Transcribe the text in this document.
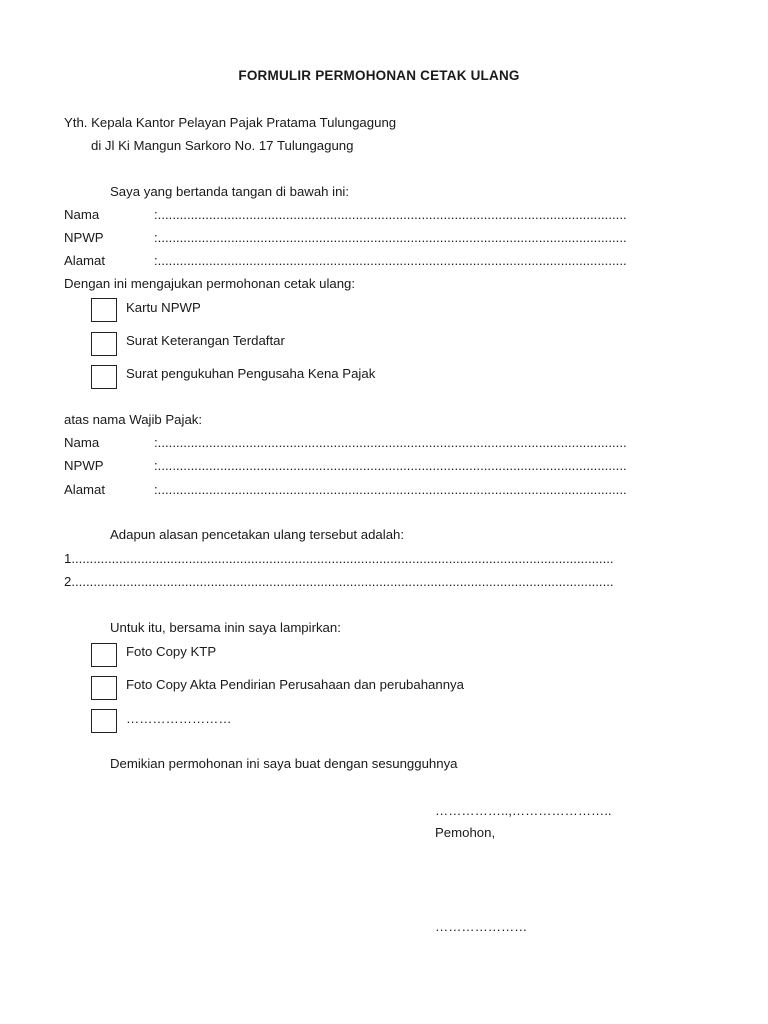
FORMULIR PERMOHONAN CETAK ULANG
Yth. Kepala Kantor Pelayan Pajak Pratama Tulungagung
di Jl Ki Mangun Sarkoro No. 17 Tulungagung
Saya yang bertanda tangan di bawah ini:
Nama	:................................................................................................................................
NPWP	:................................................................................................................................
Alamat	:................................................................................................................................
Dengan ini mengajukan permohonan cetak ulang:
Kartu NPWP
Surat Keterangan Terdaftar
Surat pengukuhan Pengusaha Kena Pajak
atas nama Wajib Pajak:
Nama	:................................................................................................................................
NPWP	:................................................................................................................................
Alamat	:................................................................................................................................
Adapun alasan pencetakan ulang tersebut adalah:
1....................................................................................................................................................
2....................................................................................................................................................
Untuk itu, bersama inin saya lampirkan:
Foto Copy KTP
Foto Copy Akta Pendirian Perusahaan dan perubahannya
……………………
Demikian permohonan ini saya buat dengan sesungguhnya
……………..,…………………..
Pemohon,
…………………
